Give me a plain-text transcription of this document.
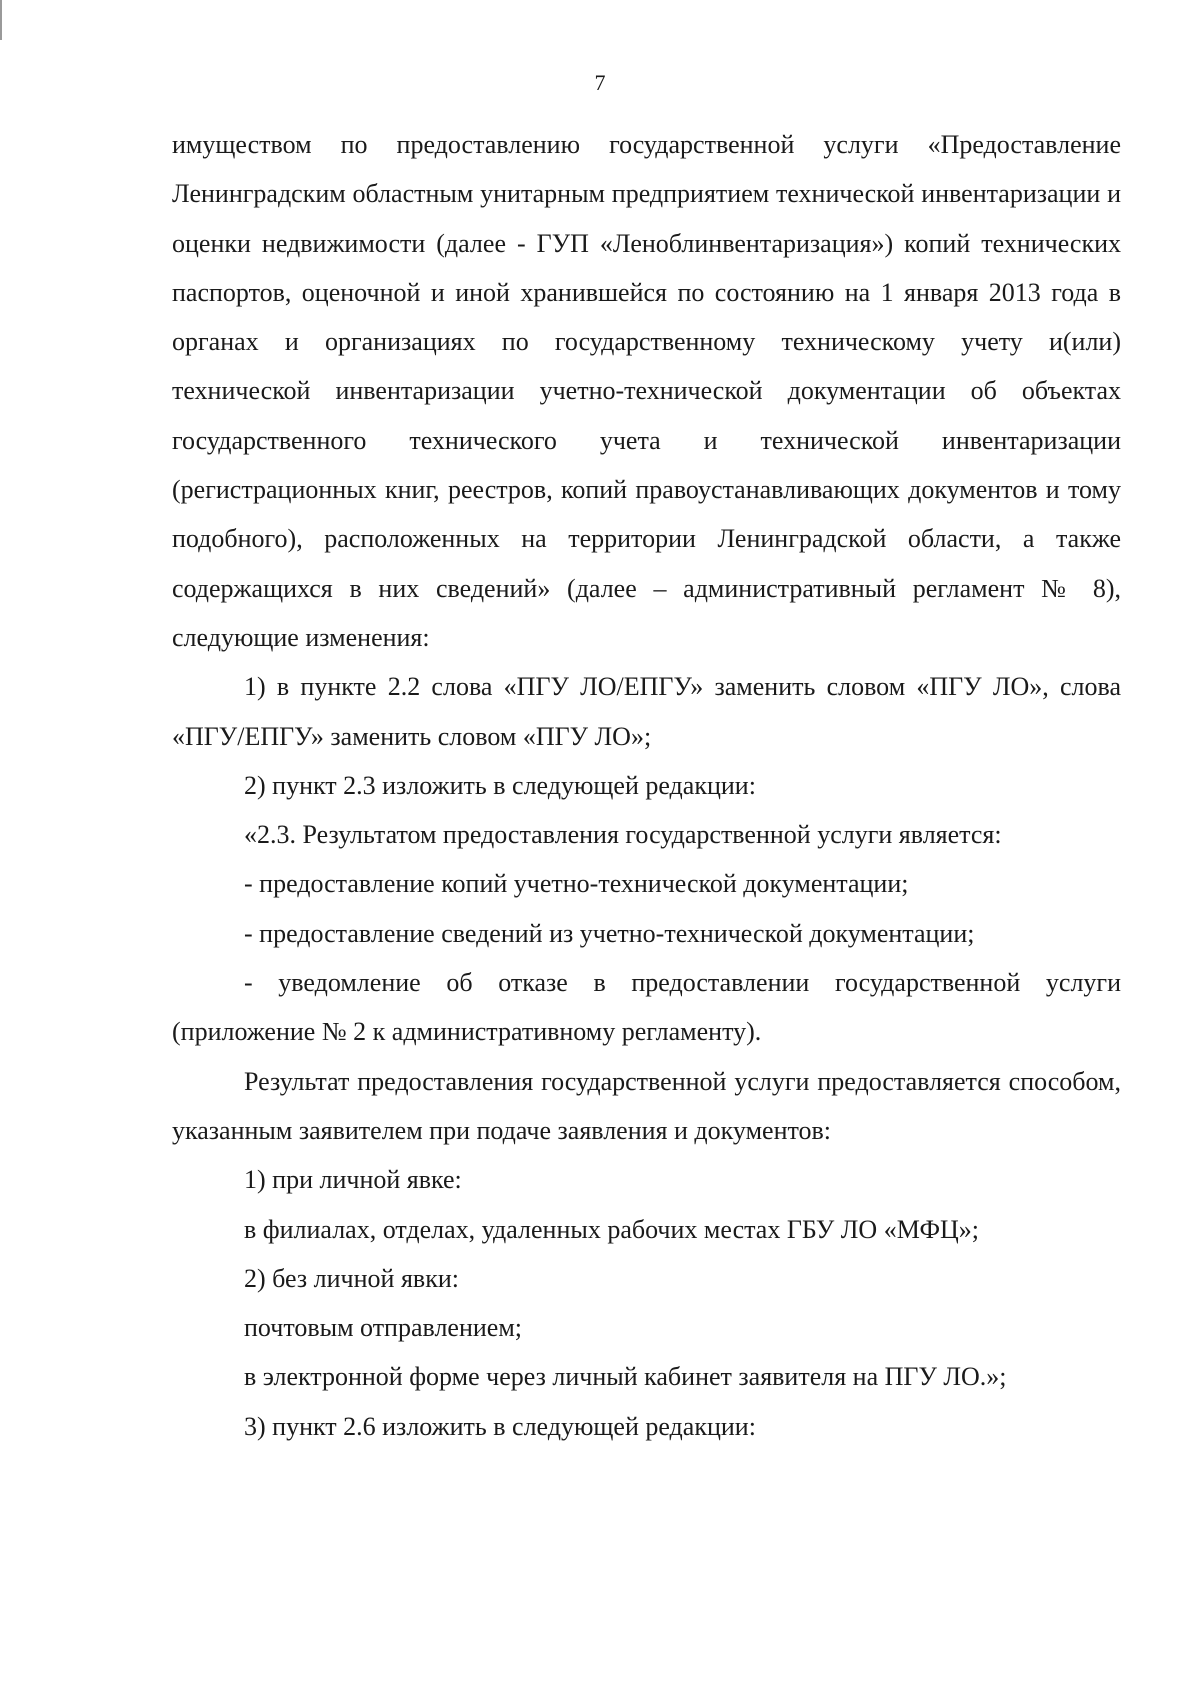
7

имуществом по предоставлению государственной услуги «Предоставление Ленинградским областным унитарным предприятием технической инвентаризации и оценки недвижимости (далее - ГУП «Леноблинвентаризация») копий технических паспортов, оценочной и иной хранившейся по состоянию на 1 января 2013 года в органах и организациях по государственному техническому учету и(или) технической инвентаризации учетно-технической документации об объектах государственного технического учета и технической инвентаризации (регистрационных книг, реестров, копий правоустанавливающих документов и тому подобного), расположенных на территории Ленинградской области, а также содержащихся в них сведений» (далее – административный регламент № 8), следующие изменения:

1) в пункте 2.2 слова «ПГУ ЛО/ЕПГУ» заменить словом «ПГУ ЛО», слова «ПГУ/ЕПГУ» заменить словом «ПГУ ЛО»;

2) пункт 2.3 изложить в следующей редакции:

«2.3. Результатом предоставления государственной услуги является:

- предоставление копий учетно-технической документации;

- предоставление сведений из учетно-технической документации;

- уведомление об отказе в предоставлении государственной услуги (приложение № 2 к административному регламенту).

Результат предоставления государственной услуги предоставляется способом, указанным заявителем при подаче заявления и документов:

1) при личной явке:

в филиалах, отделах, удаленных рабочих местах ГБУ ЛО «МФЦ»;

2) без личной явки:

почтовым отправлением;

в электронной форме через личный кабинет заявителя на ПГУ ЛО.»;

3) пункт 2.6 изложить в следующей редакции:
